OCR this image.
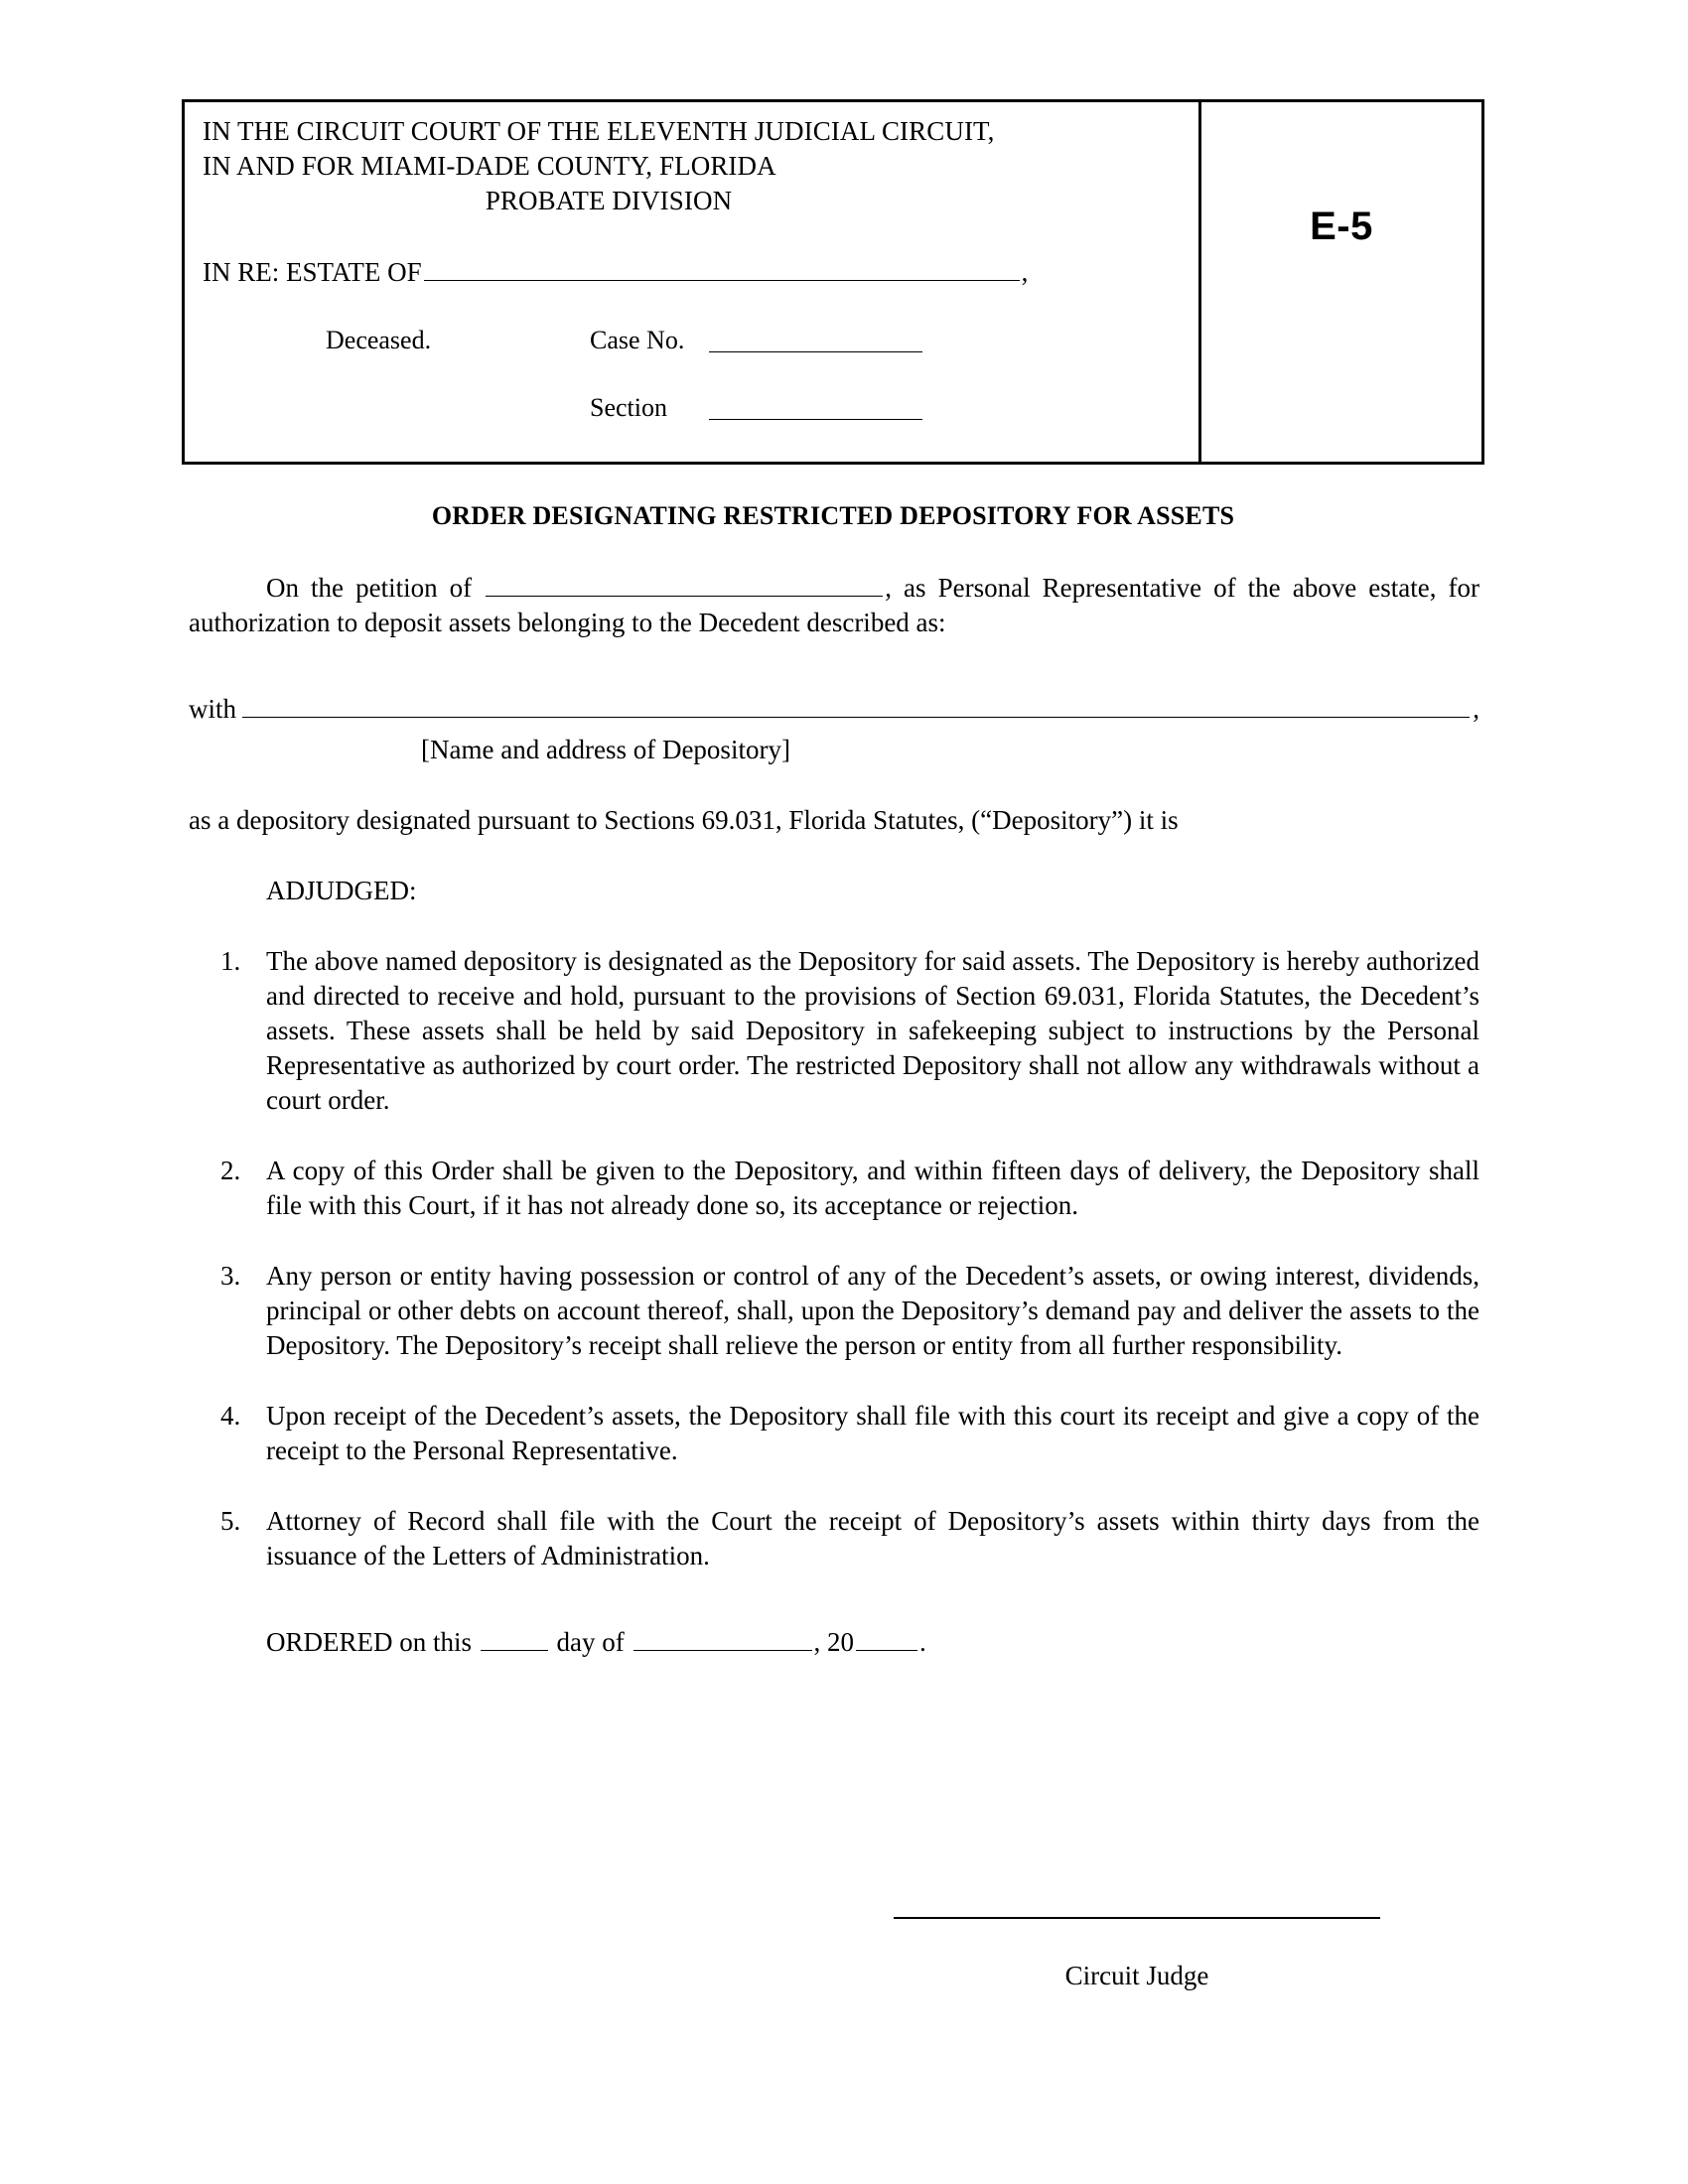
IN THE CIRCUIT COURT OF THE ELEVENTH JUDICIAL CIRCUIT,
IN AND FOR MIAMI-DADE COUNTY, FLORIDA
PROBATE DIVISION
IN RE: ESTATE OF	,
Deceased.	Case No.
Section
E-5
ORDER DESIGNATING RESTRICTED DEPOSITORY FOR ASSETS

On the petition of	, as Personal Representative of the above estate, for authorization to deposit assets belonging to the Decedent described as:

with	,
[Name and address of Depository]

as a depository designated pursuant to Sections 69.031, Florida Statutes, (“Depository”) it is

ADJUDGED:

1. The above named depository is designated as the Depository for said assets. The Depository is hereby authorized and directed to receive and hold, pursuant to the provisions of Section 69.031, Florida Statutes, the Decedent’s assets. These assets shall be held by said Depository in safekeeping subject to instructions by the Personal Representative as authorized by court order. The restricted Depository shall not allow any withdrawals without a court order.
2. A copy of this Order shall be given to the Depository, and within fifteen days of delivery, the Depository shall file with this Court, if it has not already done so, its acceptance or rejection.
3. Any person or entity having possession or control of any of the Decedent’s assets, or owing interest, dividends, principal or other debts on account thereof, shall, upon the Depository’s demand pay and deliver the assets to the Depository. The Depository’s receipt shall relieve the person or entity from all further responsibility.
4. Upon receipt of the Decedent’s assets, the Depository shall file with this court its receipt and give a copy of the receipt to the Personal Representative.
5. Attorney of Record shall file with the Court the receipt of Depository’s assets within thirty days from the issuance of the Letters of Administration.
ORDERED on this	day of	, 20 .
Circuit Judge
